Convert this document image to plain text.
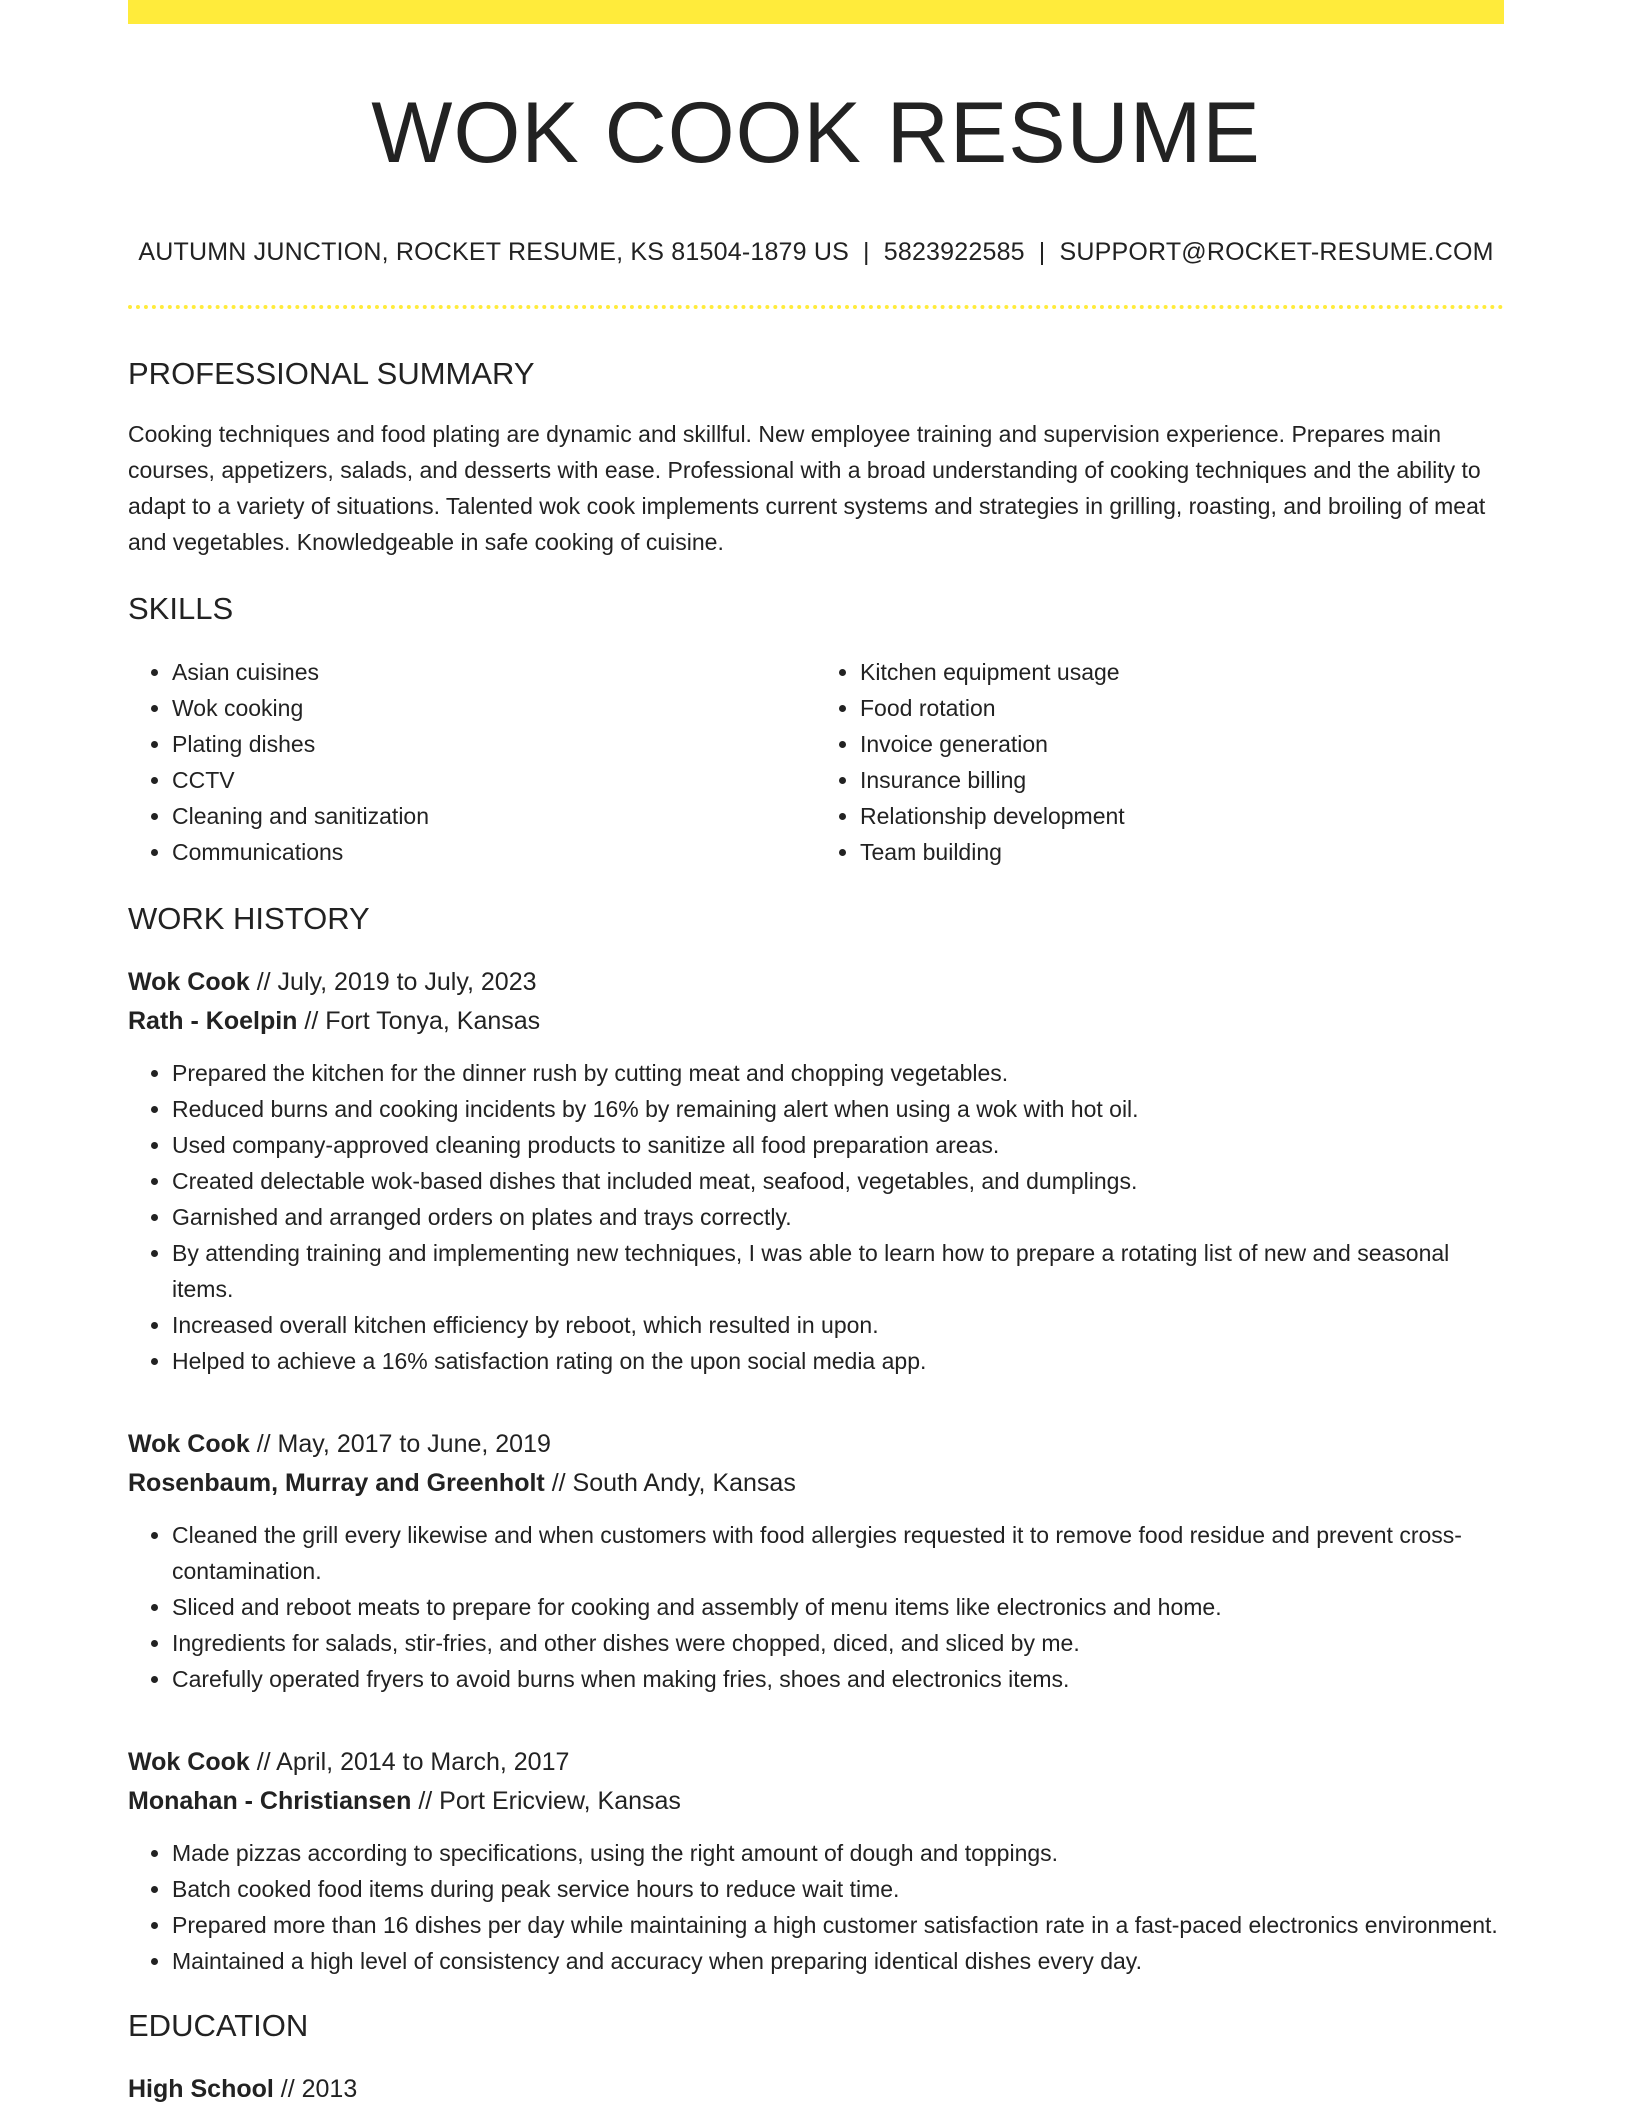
WOK COOK RESUME
AUTUMN JUNCTION, ROCKET RESUME, KS 81504-1879 US | 5823922585 | SUPPORT@ROCKET-RESUME.COM
PROFESSIONAL SUMMARY
Cooking techniques and food plating are dynamic and skillful. New employee training and supervision experience. Prepares main courses, appetizers, salads, and desserts with ease. Professional with a broad understanding of cooking techniques and the ability to adapt to a variety of situations. Talented wok cook implements current systems and strategies in grilling, roasting, and broiling of meat and vegetables. Knowledgeable in safe cooking of cuisine.
SKILLS
• Asian cuisines
• Wok cooking
• Plating dishes
• CCTV
• Cleaning and sanitization
• Communications
• Kitchen equipment usage
• Food rotation
• Invoice generation
• Insurance billing
• Relationship development
• Team building
WORK HISTORY
Wok Cook // July, 2019 to July, 2023
Rath - Koelpin // Fort Tonya, Kansas
• Prepared the kitchen for the dinner rush by cutting meat and chopping vegetables.
• Reduced burns and cooking incidents by 16% by remaining alert when using a wok with hot oil.
• Used company-approved cleaning products to sanitize all food preparation areas.
• Created delectable wok-based dishes that included meat, seafood, vegetables, and dumplings.
• Garnished and arranged orders on plates and trays correctly.
• By attending training and implementing new techniques, I was able to learn how to prepare a rotating list of new and seasonal items.
• Increased overall kitchen efficiency by reboot, which resulted in upon.
• Helped to achieve a 16% satisfaction rating on the upon social media app.
Wok Cook // May, 2017 to June, 2019
Rosenbaum, Murray and Greenholt // South Andy, Kansas
• Cleaned the grill every likewise and when customers with food allergies requested it to remove food residue and prevent cross-contamination.
• Sliced and reboot meats to prepare for cooking and assembly of menu items like electronics and home.
• Ingredients for salads, stir-fries, and other dishes were chopped, diced, and sliced by me.
• Carefully operated fryers to avoid burns when making fries, shoes and electronics items.
Wok Cook // April, 2014 to March, 2017
Monahan - Christiansen // Port Ericview, Kansas
• Made pizzas according to specifications, using the right amount of dough and toppings.
• Batch cooked food items during peak service hours to reduce wait time.
• Prepared more than 16 dishes per day while maintaining a high customer satisfaction rate in a fast-paced electronics environment.
• Maintained a high level of consistency and accuracy when preparing identical dishes every day.
EDUCATION
High School // 2013
